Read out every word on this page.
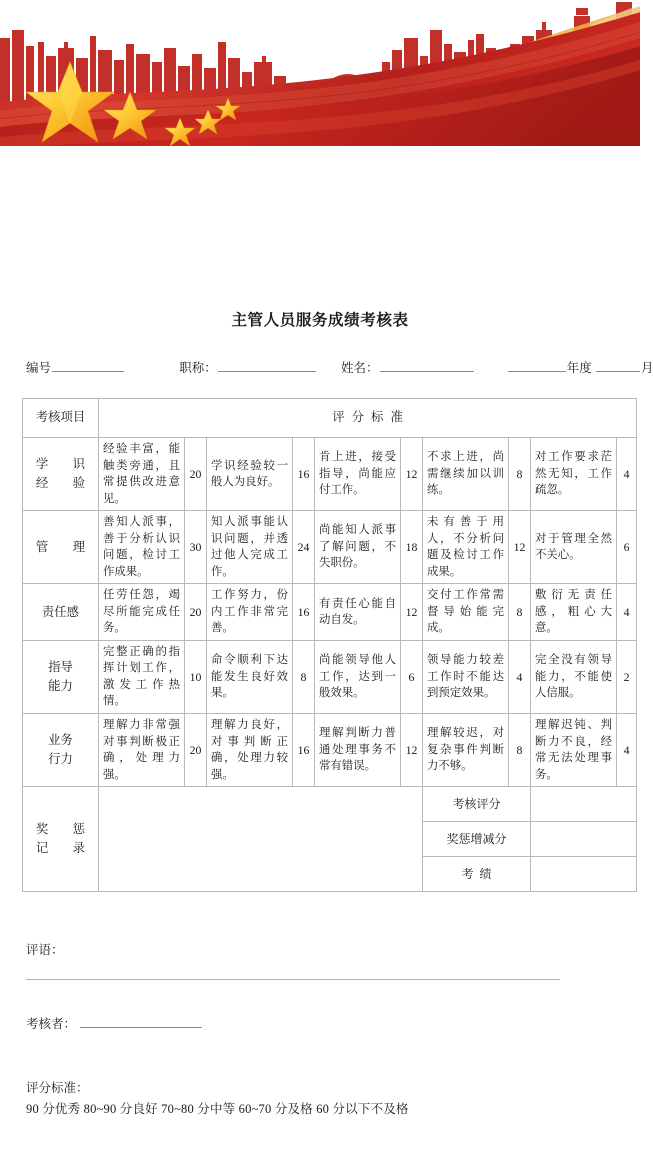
主管人员服务成绩考核表
编号	职称：	姓名：	年度	月
考核项目	评分标准									

学　识
经　验	经验丰富，能触类旁通，且常提供改进意见。	20	学识经验较一般人为良好。	16	肯上进，接受指导，尚能应付工作。	12	不求上进，尚需继续加以训练。	8	对工作要求茫然无知，工作疏忽。	4

管　理	善知人派事，善于分析认识问题，检讨工作成果。	30	知人派事能认识问题，并透过他人完成工作。	24	尚能知人派事了解问题，不失职份。	18	未有善于用人，不分析问题及检讨工作成果。	12	对于管理全然不关心。	6
责任感	任劳任怨，竭尽所能完成任务。	20	工作努力，份内工作非常完善。	16	有责任心能自动自发。	12	交付工作常需督导始能完成。	8	敷衍无责任感，粗心大意。	4

指导
能力	完整正确的指挥计划工作，激发工作热情。	10	命令顺利下达能发生良好效果。	8	尚能领导他人工作，达到一般效果。	6	领导能力较差工作时不能达到预定效果。	4	完全没有领导能力，不能使人信服。	2

业务
行力	理解力非常强对事判断极正确，处理力强。	20	理解力良好，对事判断正确，处理力较强。	16	理解判断力普通处理事务不常有错误。	12	理解较迟，对复杂事件判断力不够。	8	理解迟钝、判断力不良，经常无法处理事务。	4

奖　惩
记　录							考核评分			
							奖惩增减分			
							考绩			
评语：
考核者：
评分标准：
90 分优秀 80~90 分良好 70~80 分中等 60~70 分及格 60 分以下不及格
